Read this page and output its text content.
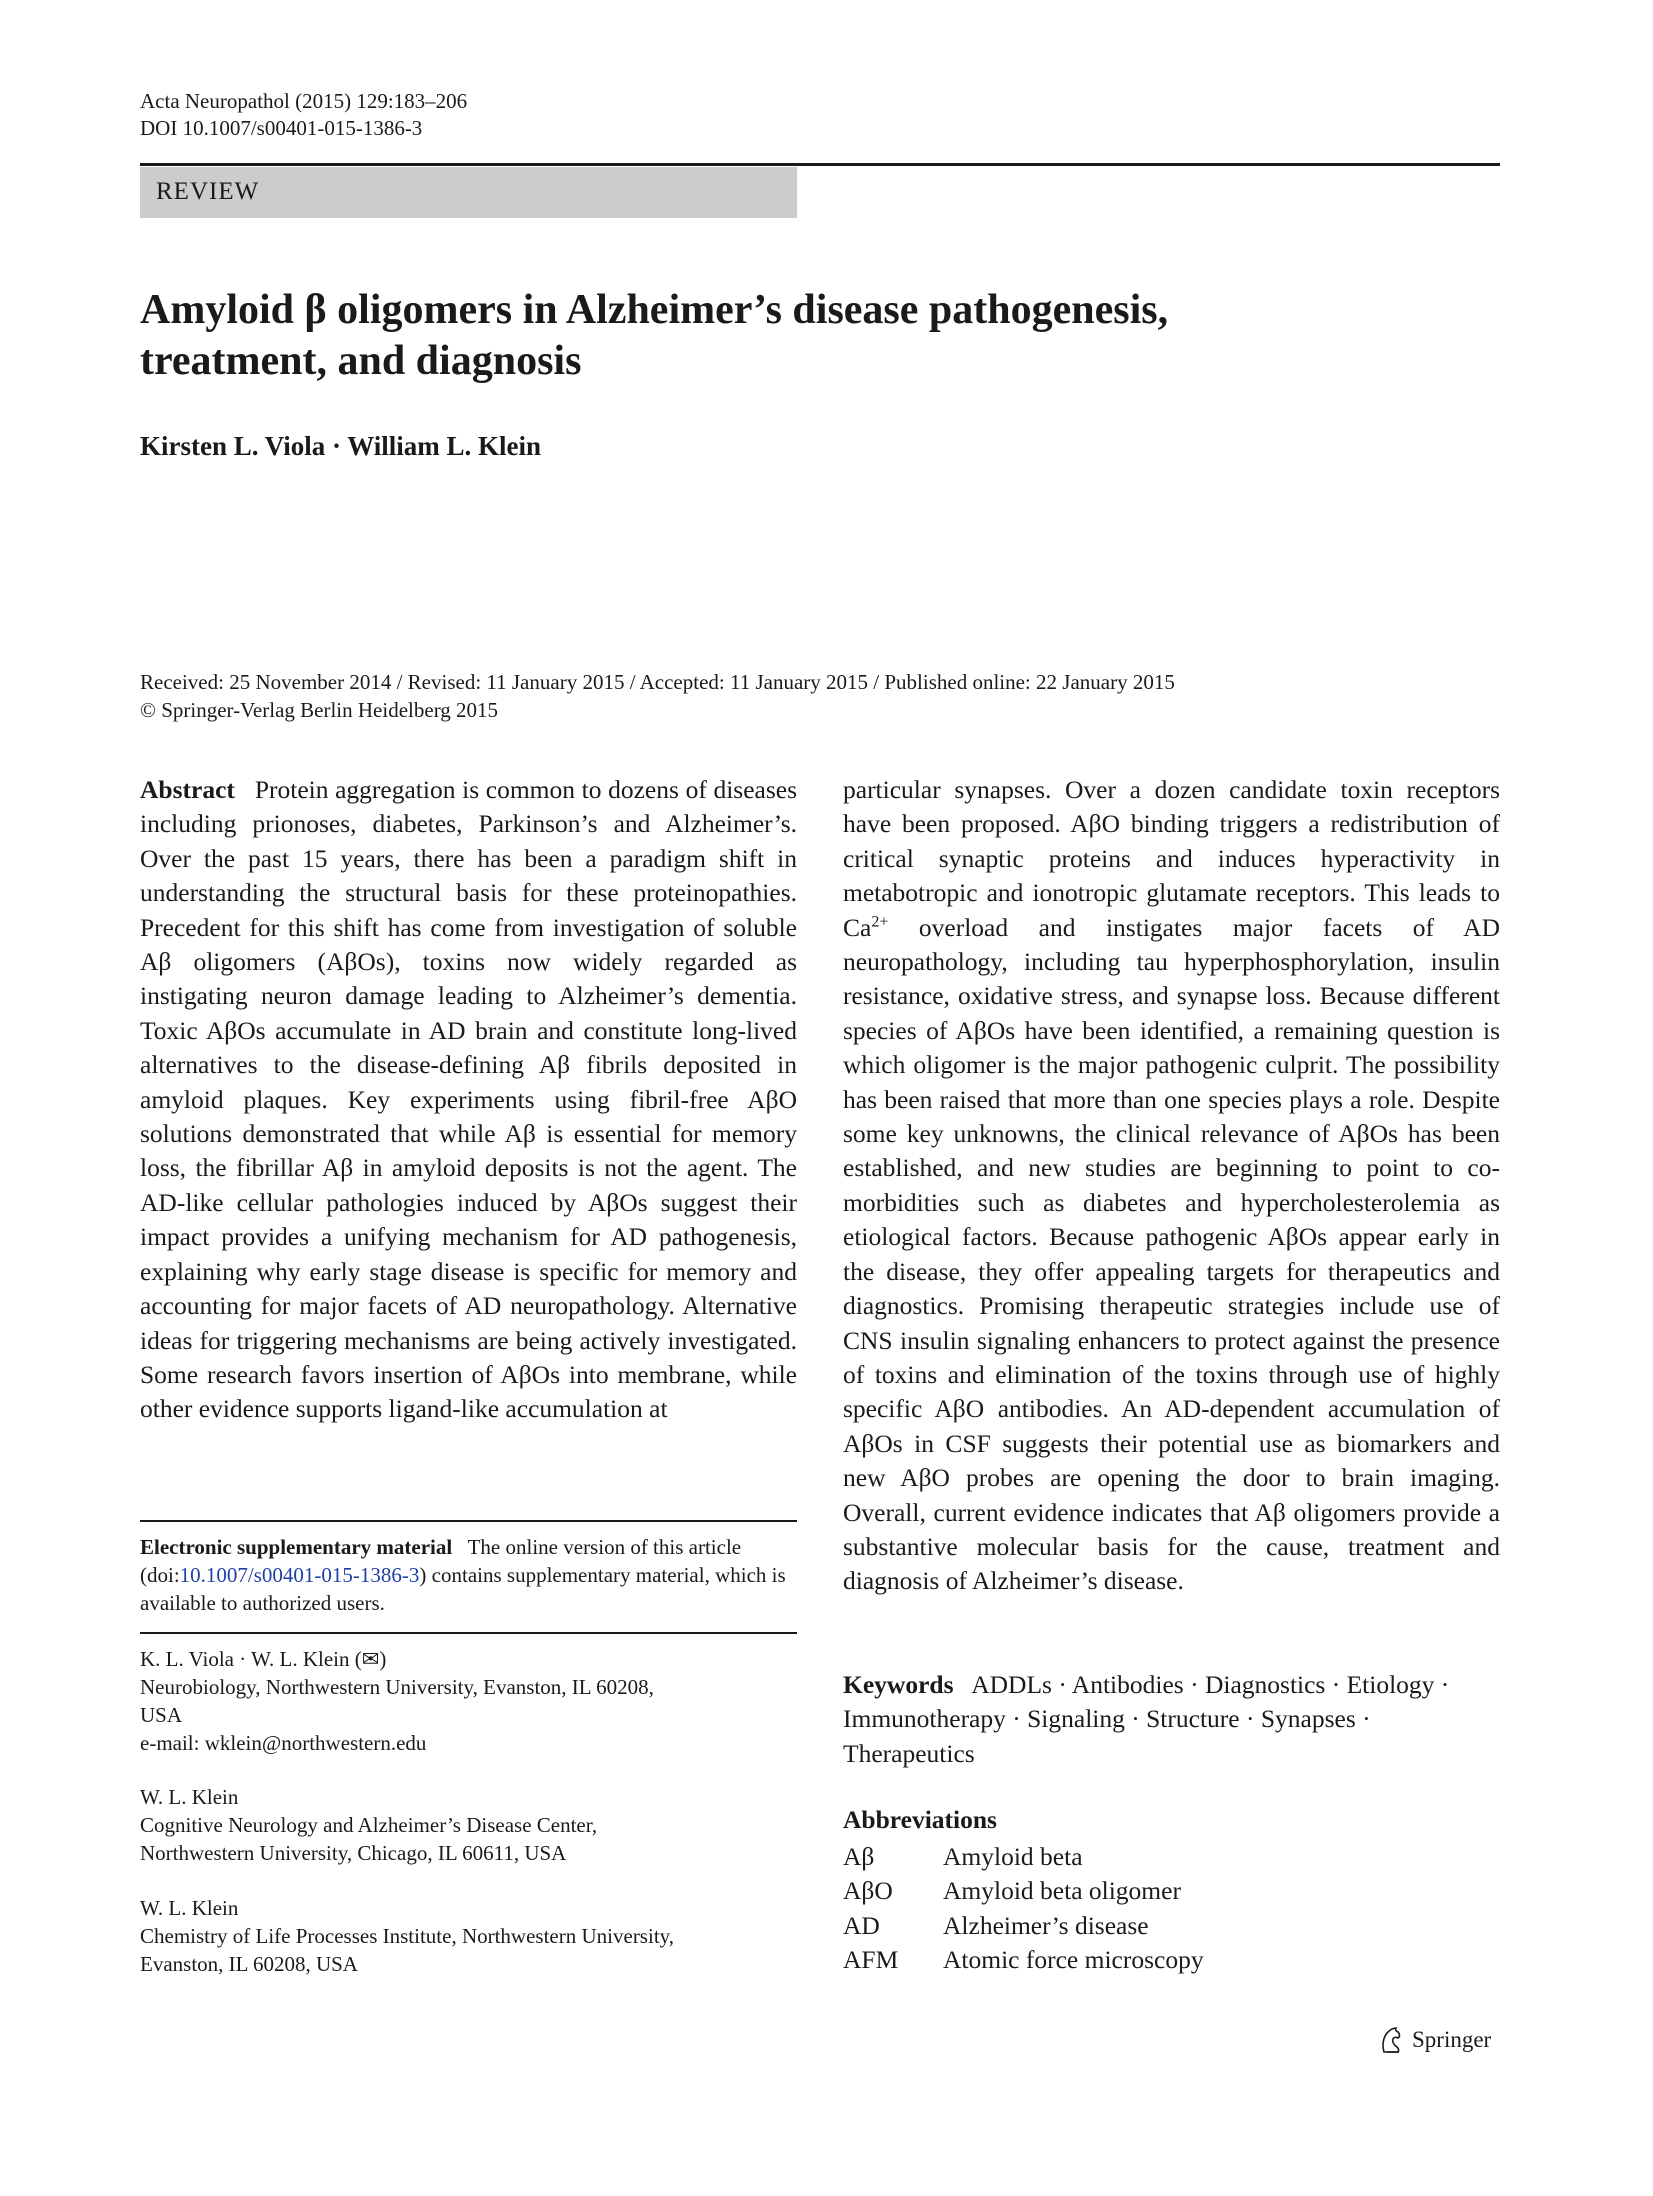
Acta Neuropathol (2015) 129:183–206
DOI 10.1007/s00401-015-1386-3
REVIEW
Amyloid β oligomers in Alzheimer’s disease pathogenesis,
treatment, and diagnosis
Kirsten L. Viola · William L. Klein
Received: 25 November 2014 / Revised: 11 January 2015 / Accepted: 11 January 2015 / Published online: 22 January 2015
© Springer-Verlag Berlin Heidelberg 2015
Abstract Protein aggregation is common to dozens of diseases including prionoses, diabetes, Parkinson’s and Alzheimer’s. Over the past 15 years, there has been a paradigm shift in understanding the structural basis for these proteinopathies. Precedent for this shift has come from investigation of soluble Aβ oligomers (AβOs), toxins now widely regarded as instigating neuron damage leading to Alzheimer’s dementia. Toxic AβOs accumulate in AD brain and constitute long-lived alternatives to the disease-defining Aβ fibrils deposited in amyloid plaques. Key experiments using fibril-free AβO solutions demonstrated that while Aβ is essential for memory loss, the fibrillar Aβ in amyloid deposits is not the agent. The AD-like cellular pathologies induced by AβOs suggest their impact provides a unifying mechanism for AD pathogenesis, explaining why early stage disease is specific for memory and accounting for major facets of AD neuropathology. Alternative ideas for triggering mechanisms are being actively investigated. Some research favors insertion of AβOs into membrane, while other evidence supports ligand-like accumulation at
particular synapses. Over a dozen candidate toxin receptors have been proposed. AβO binding triggers a redistribution of critical synaptic proteins and induces hyperactivity in metabotropic and ionotropic glutamate receptors. This leads to $Ca^{2+}$ overload and instigates major facets of AD neuropathology, including tau hyperphosphorylation, insulin resistance, oxidative stress, and synapse loss. Because different species of AβOs have been identified, a remaining question is which oligomer is the major pathogenic culprit. The possibility has been raised that more than one species plays a role. Despite some key unknowns, the clinical relevance of AβOs has been established, and new studies are beginning to point to co-morbidities such as diabetes and hypercholesterolemia as etiological factors. Because pathogenic AβOs appear early in the disease, they offer appealing targets for therapeutics and diagnostics. Promising therapeutic strategies include use of CNS insulin signaling enhancers to protect against the presence of toxins and elimination of the toxins through use of highly specific AβO antibodies. An AD-dependent accumulation of AβOs in CSF suggests their potential use as biomarkers and new AβO probes are opening the door to brain imaging. Overall, current evidence indicates that Aβ oligomers provide a substantive molecular basis for the cause, treatment and diagnosis of Alzheimer’s disease.
Electronic supplementary material The online version of this article (doi:10.1007/s00401-015-1386-3) contains supplementary material, which is available to authorized users.
K. L. Viola · W. L. Klein (✉)
Neurobiology, Northwestern University, Evanston, IL 60208,
USA
e-mail: wklein@northwestern.edu
W. L. Klein
Cognitive Neurology and Alzheimer’s Disease Center,
Northwestern University, Chicago, IL 60611, USA
W. L. Klein
Chemistry of Life Processes Institute, Northwestern University,
Evanston, IL 60208, USA
Keywords ADDLs · Antibodies · Diagnostics · Etiology · Immunotherapy · Signaling · Structure · Synapses · Therapeutics
Abbreviations
Aβ	Amyloid beta
AβO	Amyloid beta oligomer
AD	Alzheimer’s disease
AFM	Atomic force microscopy
Springer
